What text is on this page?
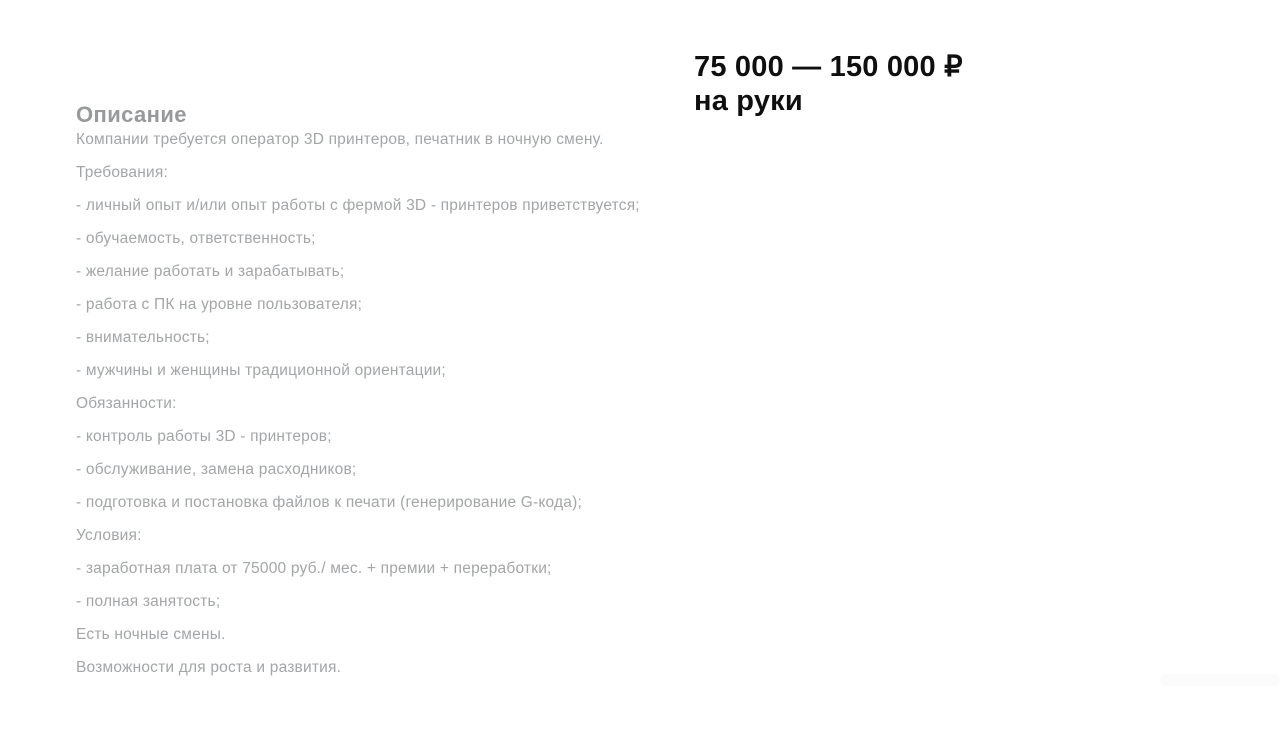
Описание
Компании требуется оператор 3D принтеров, печатник в ночную смену.
Требования:
- личный опыт и/или опыт работы с фермой 3D - принтеров приветствуется;
- обучаемость, ответственность;
- желание работать и зарабатывать;
- работа с ПК на уровне пользователя;
- внимательность;
- мужчины и женщины традиционной ориентации;
Обязанности:
- контроль работы 3D - принтеров;
- обслуживание, замена расходников;
- подготовка и постановка файлов к печати (генерирование G-кода);
Условия:
- заработная плата от 75000 руб./ мес. + премии + переработки;
- полная занятость;
Есть ночные смены.
Возможности для роста и развития.
75 000 — 150 000 ₽
на руки
